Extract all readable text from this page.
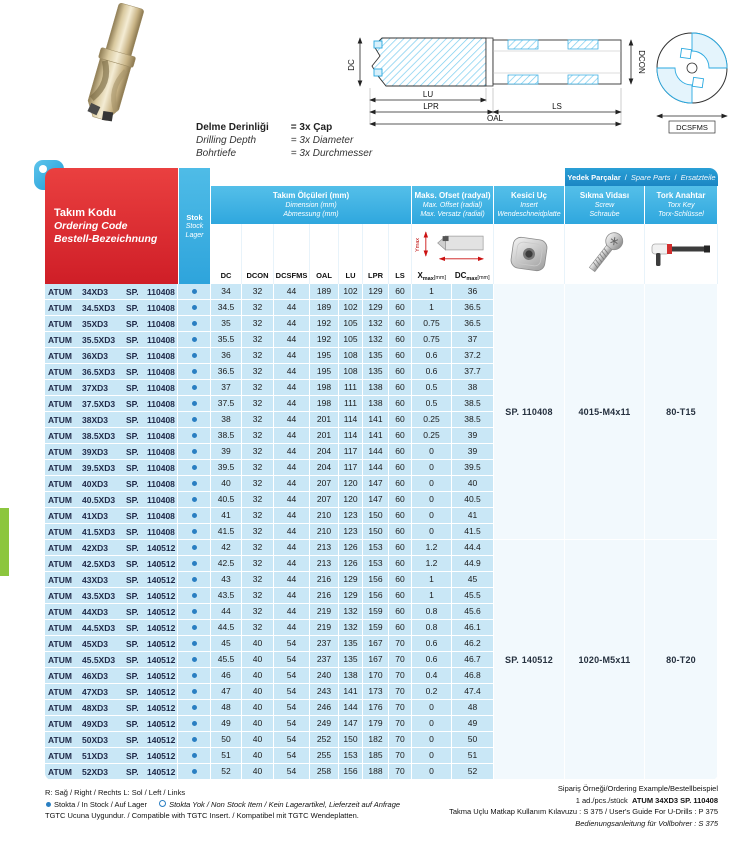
Delme Derinliği = 3x Çap
Drilling Depth	= 3x Diameter
Bohrtiefe	= 3x Durchmesser
DC	DCON
LU
LPR	LS
OAL
DCSFMS
Takım Kodu
Ordering Code
Bestell-Bezeichnung
Stok
Stock
Lager
Yedek Parçalar / Spare Parts / Ersatzteile
Takım Ölçüleri (mm)
Dimension (mm)
Abmessung (mm)
Maks. Ofset (radyal)
Max. Offset (radial)
Max. Versatz (radial)
Kesici Uç
Insert
Wendeschneidplatte
Sıkma Vidası
Screw
Schraube
Tork Anahtar
Torx Key
Torx-Schlüssel
DC	DCON DCSFMS	OAL	LU	LPR	LS
Ymax
X max [mm] DC max [mm]
ATUM	34XD3	SP. 110408	34	32	44	189	102	129	60	1	36
ATUM	34.5XD3	SP. 110408	34.5	32	44	189	102	129	60	1	36.5
ATUM	35XD3	SP. 110408	35	32	44	192	105	132	60	0.75	36.5
ATUM	35.5XD3	SP. 110408	35.5	32	44	192	105	132	60	0.75	37
ATUM	36XD3	SP. 110408	36	32	44	195	108	135	60	0.6	37.2
ATUM	36.5XD3	SP. 110408	36.5	32	44	195	108	135	60	0.6	37.7
ATUM	37XD3	SP. 110408	37	32	44	198	111	138	60	0.5	38
ATUM	37.5XD3	SP. 110408	37.5	32	44	198	111	138	60	0.5	38.5
ATUM	38XD3	SP. 110408	38	32	44	201	114	141	60	0.25	38.5
ATUM	38.5XD3	SP. 110408	38.5	32	44	201	114	141	60	0.25	39
ATUM	39XD3	SP. 110408	39	32	44	204	117	144	60	0	39
ATUM	39.5XD3	SP. 110408	39.5	32	44	204	117	144	60	0	39.5
ATUM	40XD3	SP. 110408	40	32	44	207	120	147	60	0	40
ATUM	40.5XD3	SP. 110408	40.5	32	44	207	120	147	60	0	40.5
ATUM	41XD3	SP. 110408	41	32	44	210	123	150	60	0	41
ATUM	41.5XD3	SP. 110408	41.5	32	44	210	123	150	60	0	41.5
ATUM	42XD3	SP. 140512	42	32	44	213	126	153	60	1.2	44.4
ATUM	42.5XD3	SP. 140512	42.5	32	44	213	126	153	60	1.2	44.9
ATUM	43XD3	SP. 140512	43	32	44	216	129	156	60	1	45
ATUM	43.5XD3	SP. 140512	43.5	32	44	216	129	156	60	1	45.5
ATUM	44XD3	SP. 140512	44	32	44	219	132	159	60	0.8	45.6
ATUM	44.5XD3	SP. 140512	44.5	32	44	219	132	159	60	0.8	46.1
ATUM	45XD3	SP. 140512	45	40	54	237	135	167	70	0.6	46.2
ATUM	45.5XD3	SP. 140512	45.5	40	54	237	135	167	70	0.6	46.7
ATUM	46XD3	SP. 140512	46	40	54	240	138	170	70	0.4	46.8
ATUM	47XD3	SP. 140512	47	40	54	243	141	173	70	0.2	47.4
ATUM	48XD3	SP. 140512	48	40	54	246	144	176	70	0	48
ATUM	49XD3	SP. 140512	49	40	54	249	147	179	70	0	49
ATUM	50XD3	SP. 140512	50	40	54	252	150	182	70	0	50
ATUM	51XD3	SP. 140512	51	40	54	255	153	185	70	0	51
ATUM	52XD3	SP. 140512	52	40	54	258	156	188	70	0	52
SP. 110408
SP. 140512
4015-M4x11
1020-M5x11
80-T15
80-T20
R: Sağ / Right / Rechts L: Sol / Left / Links
Stokta / In Stock / Auf Lager	Stokta Yok / Non Stock Item / Kein Lagerartikel, Lieferzeit auf Anfrage
TGTC Ucuna Uygundur. / Compatible with TGTC Insert. / Kompatibel mit TGTC Wendeplatten.
Sipariş Örneği/Ordering Example/Bestellbeispiel
1 ad./pcs./stück ATUM 34XD3 SP. 110408
Takma Uçlu Matkap Kullanım Kılavuzu : S 375 / User's Guide For U-Drills : P 375
Bedienungsanleitung für Vollbohrer : S 375
